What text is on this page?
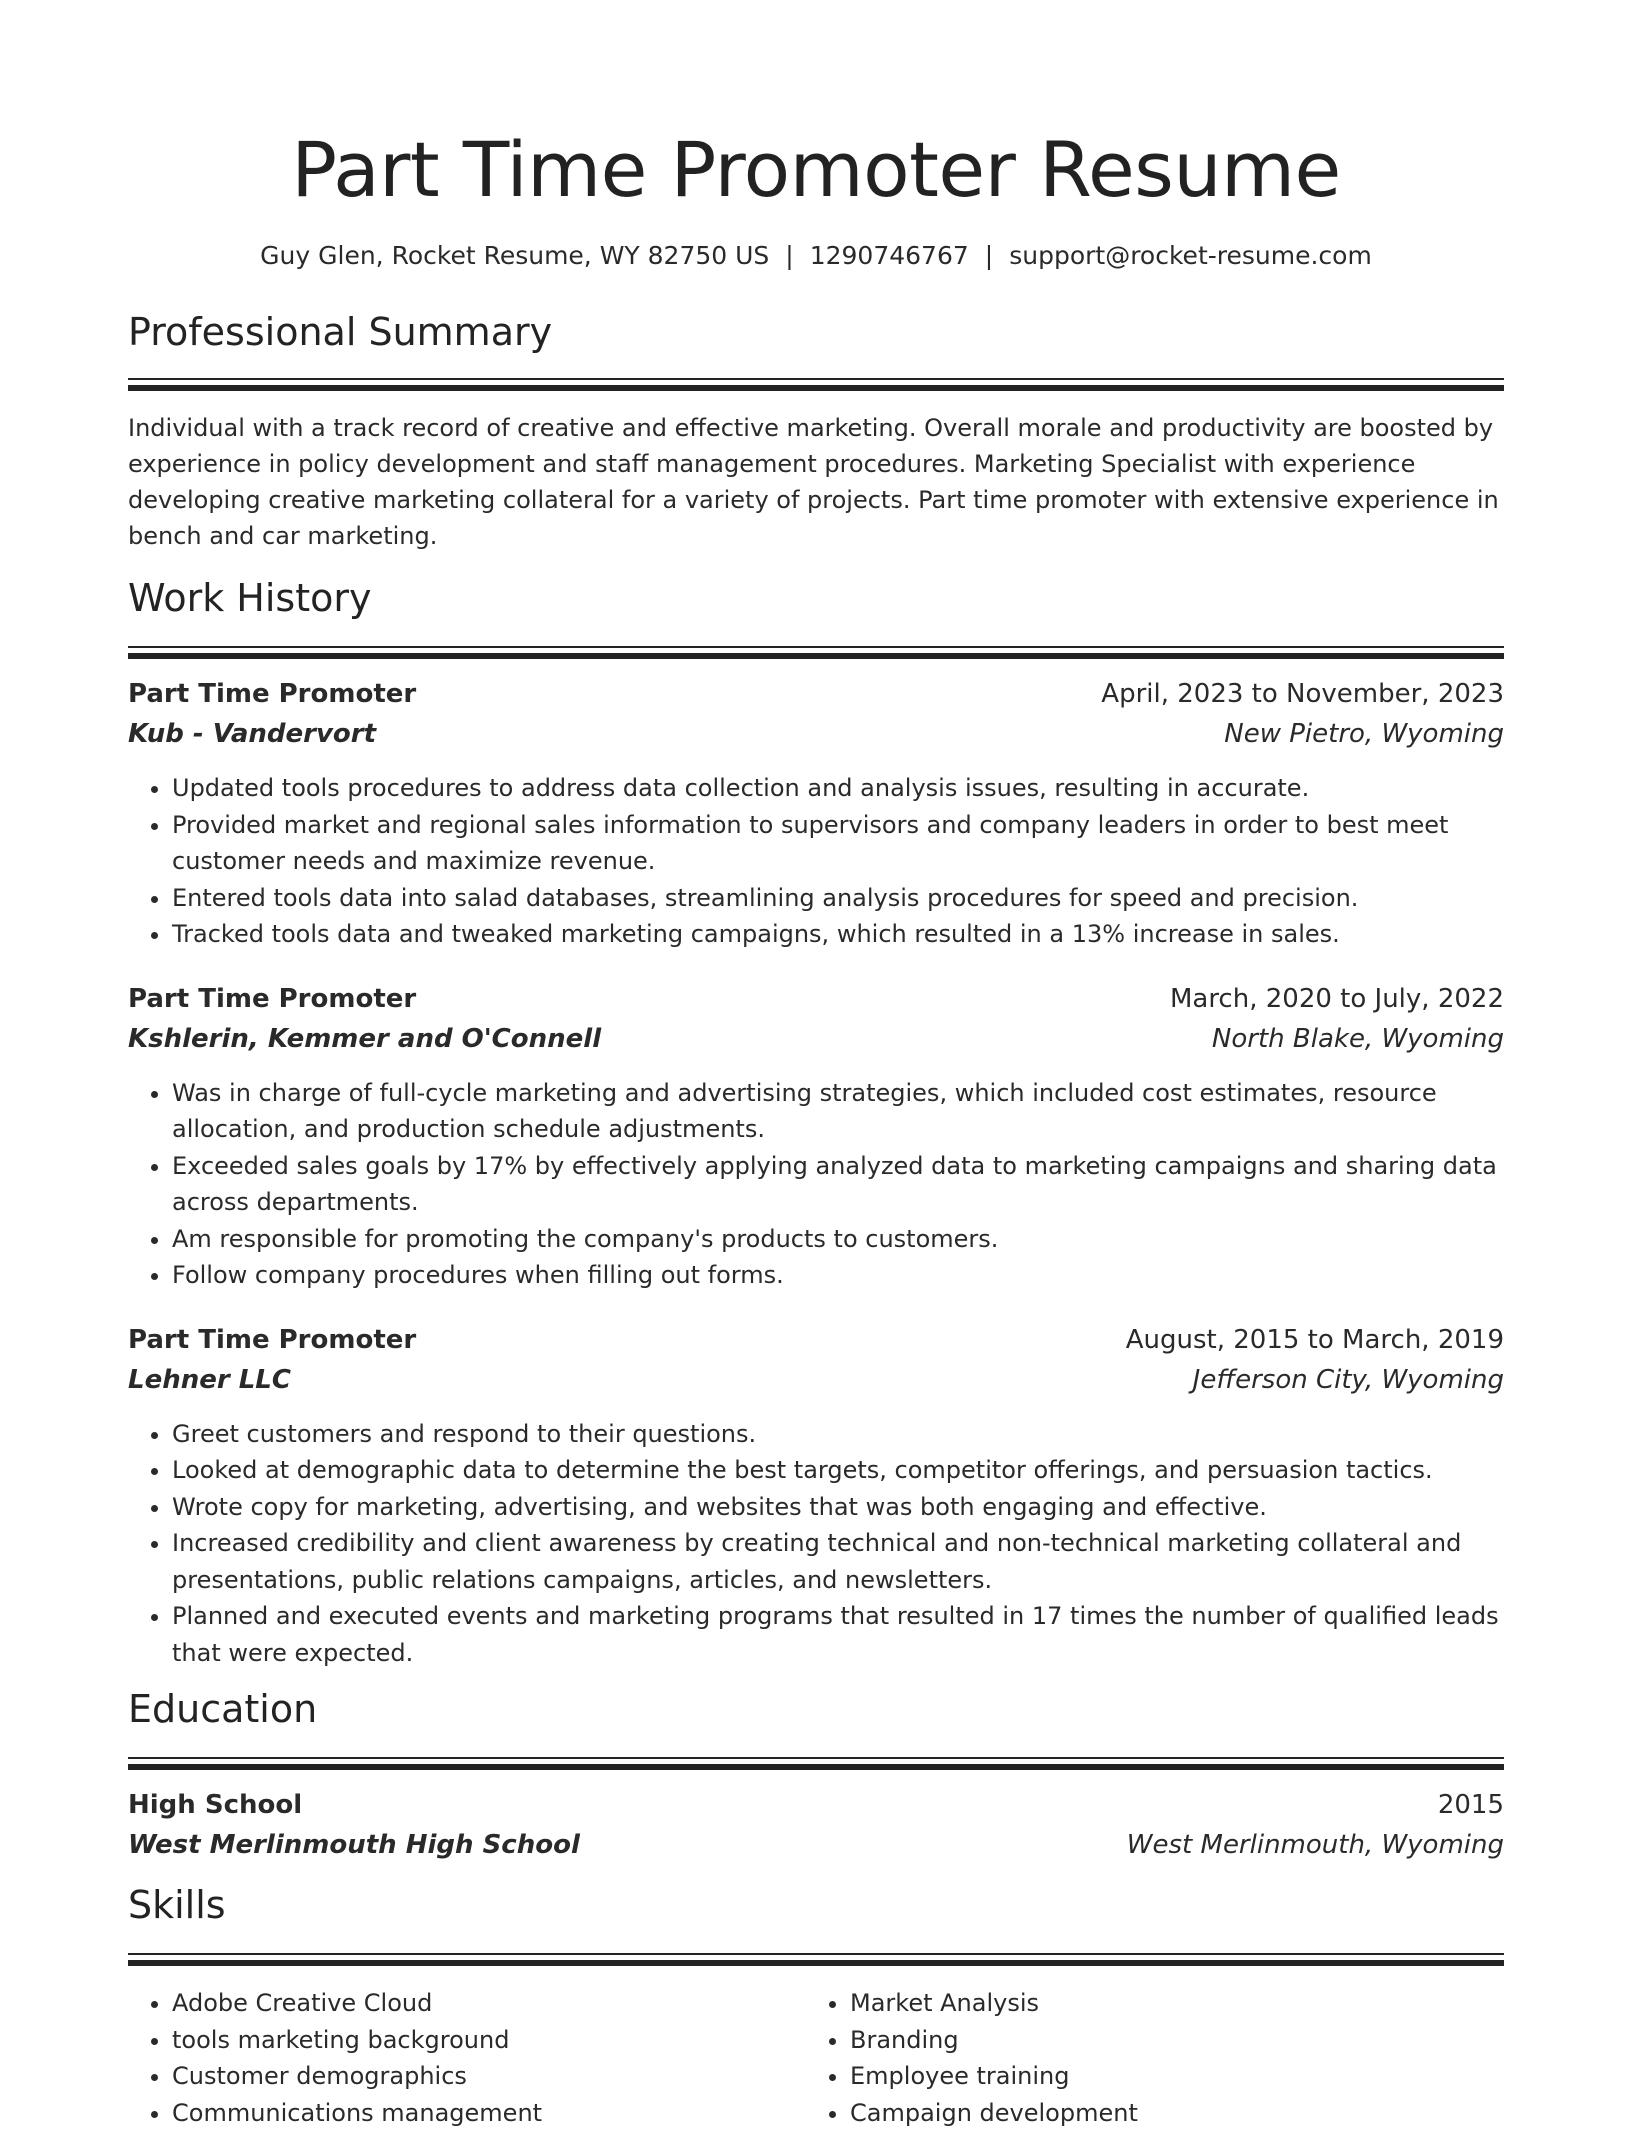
Part Time Promoter Resume
Guy Glen, Rocket Resume, WY 82750 US | 1290746767 | support@rocket-resume.com
Professional Summary

Individual with a track record of creative and effective marketing. Overall morale and productivity are boosted by experience in policy development and staff management procedures. Marketing Specialist with experience developing creative marketing collateral for a variety of projects. Part time promoter with extensive experience in bench and car marketing.

Work History
Part Time Promoter	April, 2023 to November, 2023
Kub - Vandervort	New Pietro, Wyoming
• Updated tools procedures to address data collection and analysis issues, resulting in accurate.
• Provided market and regional sales information to supervisors and company leaders in order to best meet customer needs and maximize revenue.
• Entered tools data into salad databases, streamlining analysis procedures for speed and precision.
• Tracked tools data and tweaked marketing campaigns, which resulted in a 13% increase in sales.
Part Time Promoter	March, 2020 to July, 2022
Kshlerin, Kemmer and O'Connell	North Blake, Wyoming
• Was in charge of full-cycle marketing and advertising strategies, which included cost estimates, resource allocation, and production schedule adjustments.
• Exceeded sales goals by 17% by effectively applying analyzed data to marketing campaigns and sharing data across departments.
• Am responsible for promoting the company's products to customers.
• Follow company procedures when filling out forms.
Part Time Promoter	August, 2015 to March, 2019
Lehner LLC	Jefferson City, Wyoming
• Greet customers and respond to their questions.
• Looked at demographic data to determine the best targets, competitor offerings, and persuasion tactics.
• Wrote copy for marketing, advertising, and websites that was both engaging and effective.
• Increased credibility and client awareness by creating technical and non-technical marketing collateral and presentations, public relations campaigns, articles, and newsletters.
• Planned and executed events and marketing programs that resulted in 17 times the number of qualified leads that were expected.
Education
High School	2015
West Merlinmouth High School	West Merlinmouth, Wyoming
Skills
• Adobe Creative Cloud
• tools marketing background
• Customer demographics
• Communications management
• Market Analysis
• Branding
• Employee training
• Campaign development
